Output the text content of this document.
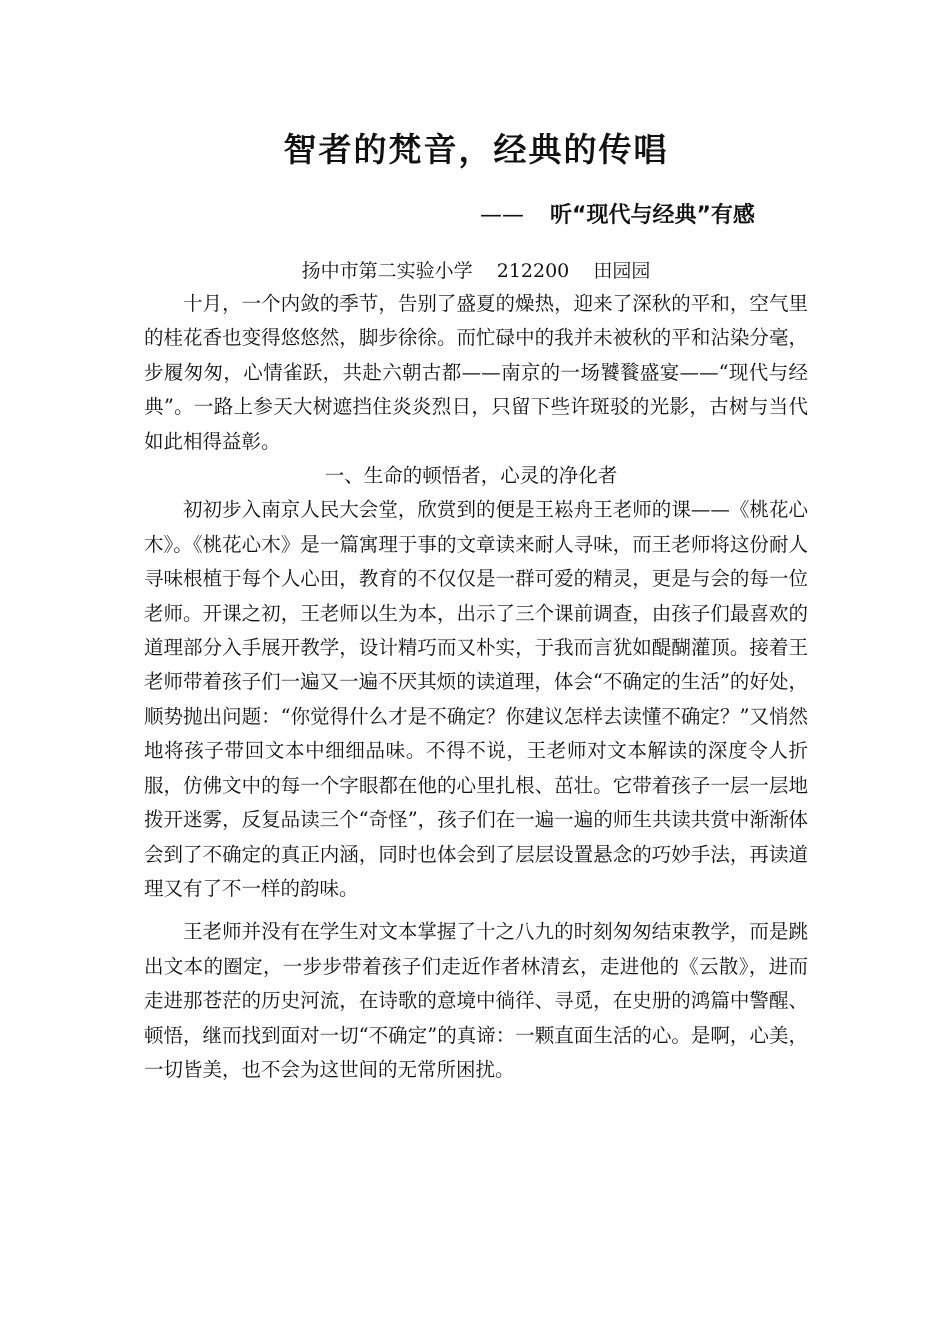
智者的梵音，经典的传唱
—— 听“现代与经典”有感
扬中市第二实验小学 212200 田园园

十月，一个内敛的季节，告别了盛夏的燥热，迎来了深秋的平和，空气里的桂花香也变得悠悠然，脚步徐徐。而忙碌中的我并未被秋的平和沾染分毫，步履匆匆，心情雀跃，共赴六朝古都——南京的一场饕餮盛宴——“现代与经典”。一路上参天大树遮挡住炎炎烈日，只留下些许斑驳的光影，古树与当代如此相得益彰。

一、生命的顿悟者，心灵的净化者

初初步入南京人民大会堂，欣赏到的便是王崧舟王老师的课——《桃花心木》。《桃花心木》是一篇寓理于事的文章读来耐人寻味，而王老师将这份耐人寻味根植于每个人心田，教育的不仅仅是一群可爱的精灵，更是与会的每一位老师。开课之初，王老师以生为本，出示了三个课前调查，由孩子们最喜欢的道理部分入手展开教学，设计精巧而又朴实，于我而言犹如醍醐灌顶。接着王老师带着孩子们一遍又一遍不厌其烦的读道理，体会“不确定的生活”的好处，顺势抛出问题：“你觉得什么才是不确定？你建议怎样去读懂不确定？”又悄然地将孩子带回文本中细细品味。不得不说，王老师对文本解读的深度令人折服，仿佛文中的每一个字眼都在他的心里扎根、茁壮。它带着孩子一层一层地拨开迷雾，反复品读三个“奇怪”，孩子们在一遍一遍的师生共读共赏中渐渐体会到了不确定的真正内涵，同时也体会到了层层设置悬念的巧妙手法，再读道理又有了不一样的韵味。

王老师并没有在学生对文本掌握了十之八九的时刻匆匆结束教学，而是跳出文本的圈定，一步步带着孩子们走近作者林清玄，走进他的《云散》，进而走进那苍茫的历史河流，在诗歌的意境中徜徉、寻觅，在史册的鸿篇中警醒、顿悟，继而找到面对一切“不确定”的真谛：一颗直面生活的心。是啊，心美，一切皆美，也不会为这世间的无常所困扰。
